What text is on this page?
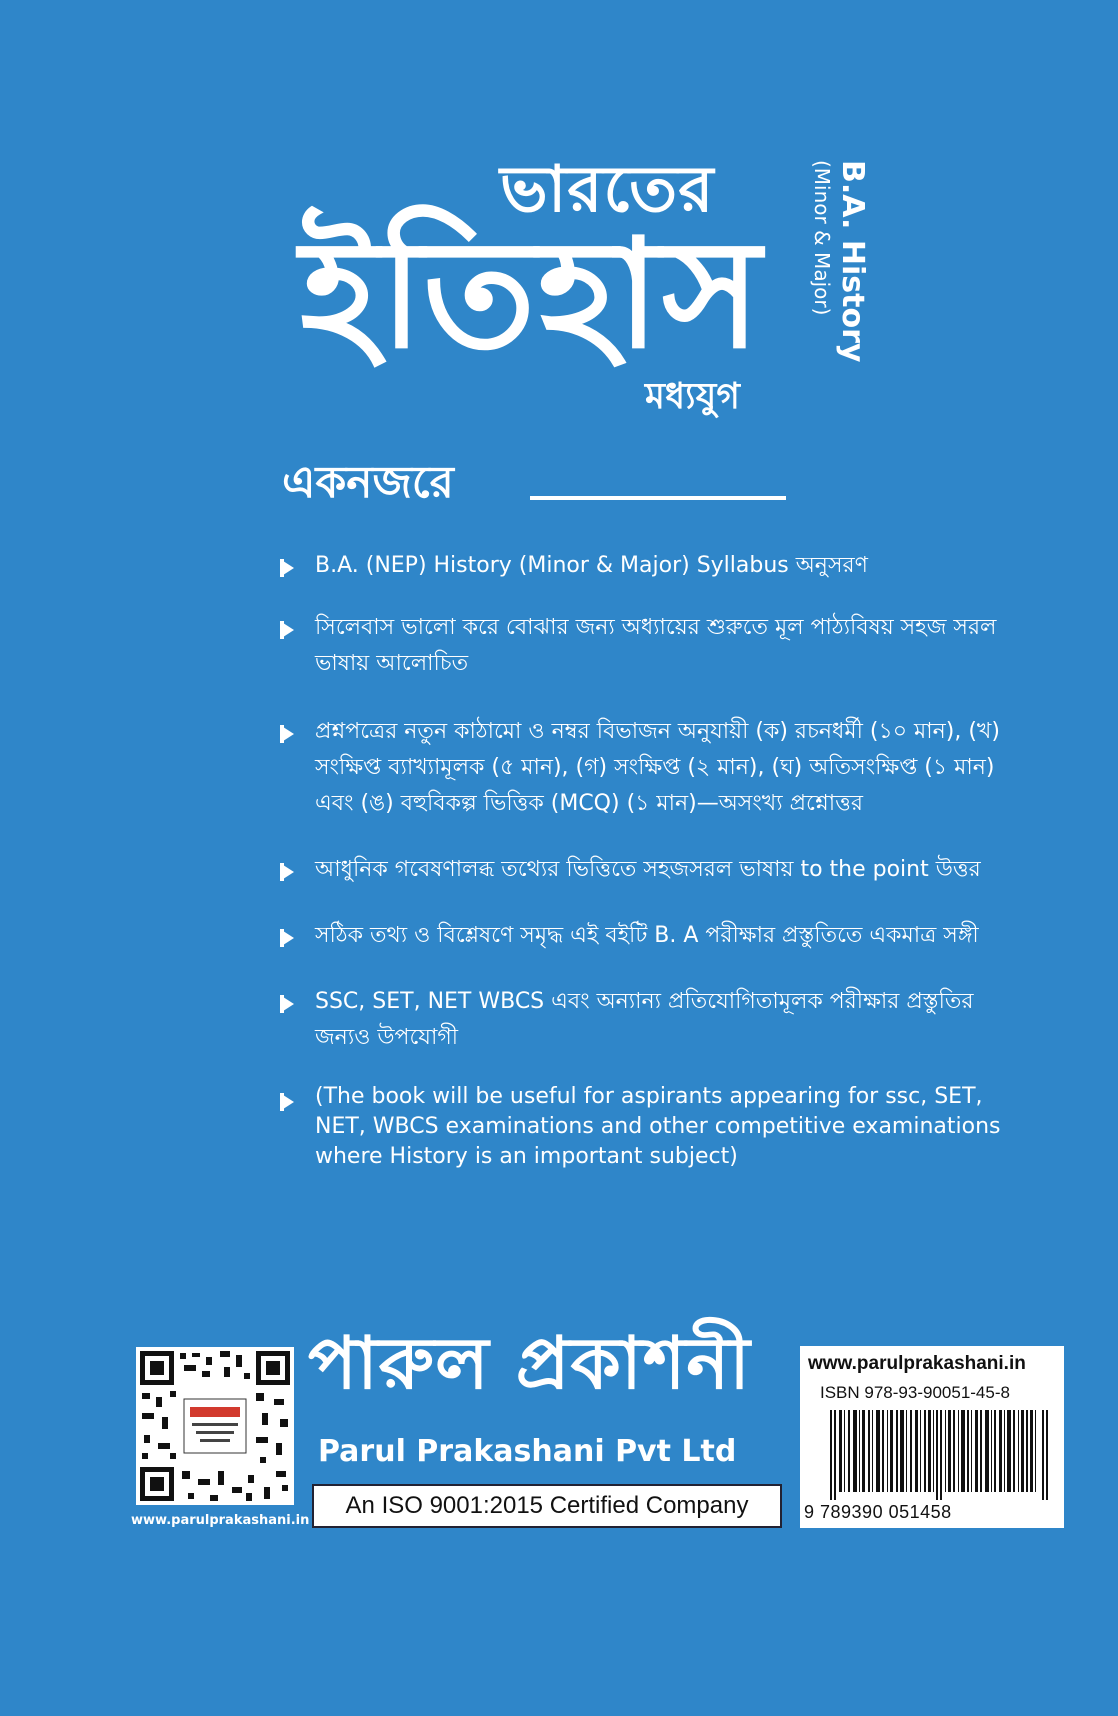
ভারতের
ইতিহাস
মধ্যযুগ
B.A. History
(Minor & Major)
একনজরে
B.A. (NEP) History (Minor & Major) Syllabus অনুসরণ
সিলেবাস ভালো করে বোঝার জন্য অধ্যায়ের শুরুতে মূল পাঠ্যবিষয় সহজ সরল ভাষায় আলোচিত
প্রশ্নপত্রের নতুন কাঠামো ও নম্বর বিভাজন অনুযায়ী (ক) রচনধর্মী (১০ মান), (খ) সংক্ষিপ্ত ব্যাখ্যামূলক (৫ মান), (গ) সংক্ষিপ্ত (২ মান), (ঘ) অতিসংক্ষিপ্ত (১ মান) এবং (ঙ) বহুবিকল্প ভিত্তিক (MCQ) (১ মান)—অসংখ্য প্রশ্নোত্তর
আধুনিক গবেষণালব্ধ তথ্যের ভিত্তিতে সহজসরল ভাষায় to the point উত্তর
সঠিক তথ্য ও বিশ্লেষণে সমৃদ্ধ এই বইটি B. A পরীক্ষার প্রস্তুতিতে একমাত্র সঙ্গী
SSC, SET, NET WBCS এবং অন্যান্য প্রতিযোগিতামূলক পরীক্ষার প্রস্তুতির জন্যও উপযোগী
(The book will be useful for aspirants appearing for ssc, SET, NET, WBCS examinations and other competitive examinations where History is an important subject)
www.parulprakashani.in
পারুল প্রকাশনী
Parul Prakashani Pvt Ltd
An ISO 9001:2015 Certified Company
www.parulprakashani.in
ISBN 978-93-90051-45-8
9 789390 051458
